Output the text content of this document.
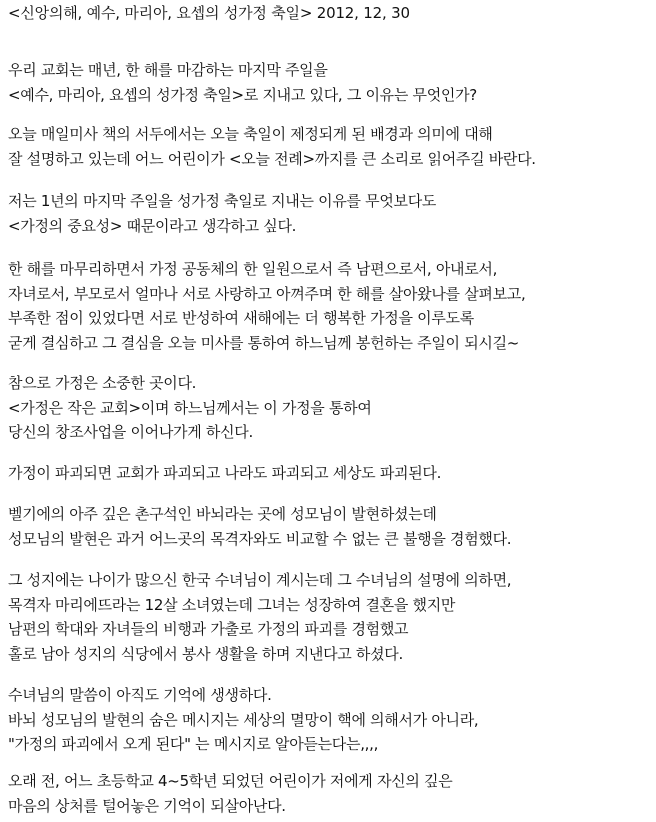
<신앙의해, 예수, 마리아, 요셉의 성가정 축일> 2012, 12, 30
우리 교회는 매년, 한 해를 마감하는 마지막 주일을
<예수, 마리아, 요셉의 성가정 축일>로 지내고 있다, 그 이유는 무엇인가?
오늘 매일미사 책의 서두에서는 오늘 축일이 제정되게 된 배경과 의미에 대해
잘 설명하고 있는데 어느 어린이가 <오늘 전례>까지를 큰 소리로 읽어주길 바란다.
저는 1년의 마지막 주일을 성가정 축일로 지내는 이유를 무엇보다도
<가정의 중요성> 때문이라고 생각하고 싶다.
한 해를 마무리하면서 가정 공동체의 한 일원으로서 즉 남편으로서, 아내로서,
자녀로서, 부모로서 얼마나 서로 사랑하고 아껴주며 한 해를 살아왔나를 살펴보고,
부족한 점이 있었다면 서로 반성하여 새해에는 더 행복한 가정을 이루도록
굳게 결심하고 그 결심을 오늘 미사를 통하여 하느님께 봉헌하는 주일이 되시길~
참으로 가정은 소중한 곳이다.
<가정은 작은 교회>이며 하느님께서는 이 가정을 통하여
당신의 창조사업을 이어나가게 하신다.
가정이 파괴되면 교회가 파괴되고 나라도 파괴되고 세상도 파괴된다.
벨기에의 아주 깊은 촌구석인 바뇌라는 곳에 성모님이 발현하셨는데
성모님의 발현은 과거 어느곳의 목격자와도 비교할 수 없는 큰 불행을 경험했다.
그 성지에는 나이가 많으신 한국 수녀님이 계시는데 그 수녀님의 설명에 의하면,
목격자 마리에뜨라는 12살 소녀였는데 그녀는 성장하여 결혼을 했지만
남편의 학대와 자녀들의 비행과 가출로 가정의 파괴를 경험했고
홀로 남아 성지의 식당에서 봉사 생활을 하며 지낸다고 하셨다.
수녀님의 말씀이 아직도 기억에 생생하다.
바뇌 성모님의 발현의 숨은 메시지는 세상의 멸망이 핵에 의해서가 아니라,
"가정의 파괴에서 오게 된다" 는 메시지로 알아듣는다는,,,,
오래 전, 어느 초등학교 4~5학년 되었던 어린이가 저에게 자신의 깊은
마음의 상처를 털어놓은 기억이 되살아난다.
